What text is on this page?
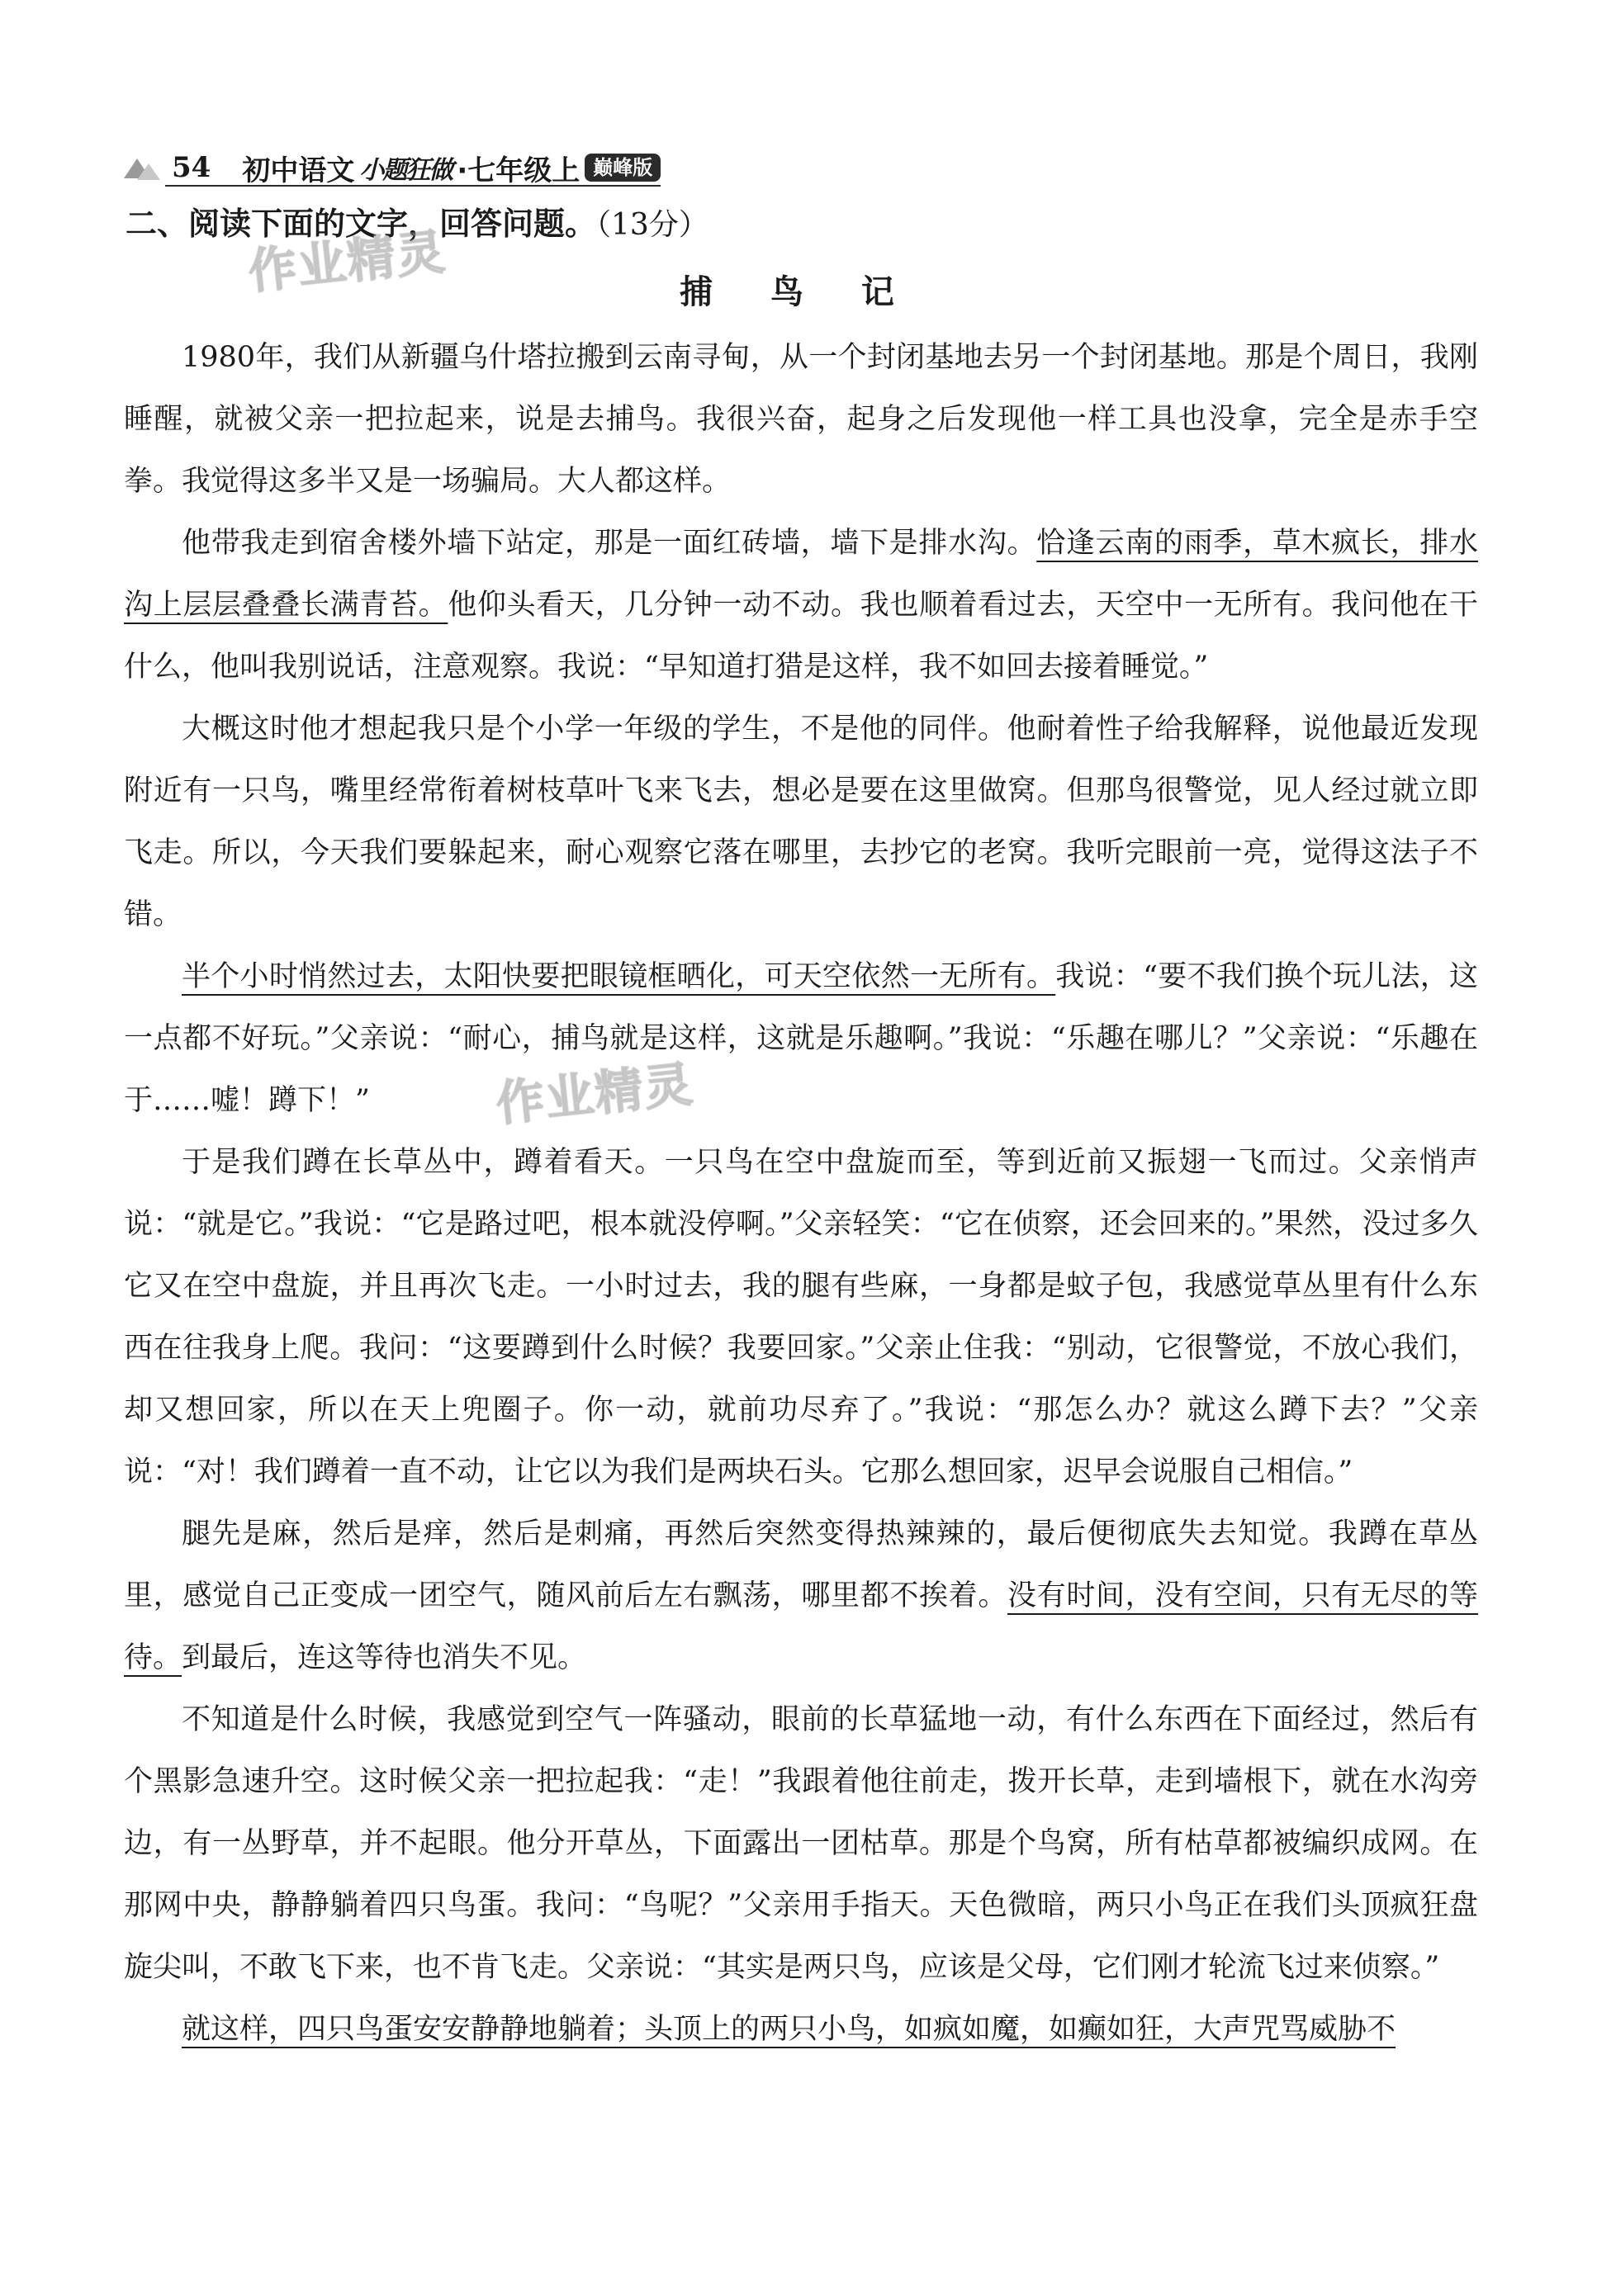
54 初中语文 小题狂做 ·七年级上 巅峰版
二、阅读下面的文字，回答问题。（13分）
作业精灵
作业精灵
捕 鸟 记

1980年，我们从新疆乌什塔拉搬到云南寻甸，从一个封闭基地去另一个封闭基地。那是个周日，我刚睡醒，就被父亲一把拉起来，说是去捕鸟。我很兴奋，起身之后发现他一样工具也没拿，完全是赤手空拳。我觉得这多半又是一场骗局。大人都这样。

他带我走到宿舍楼外墙下站定，那是一面红砖墙，墙下是排水沟。恰逢云南的雨季，草木疯长，排水沟上层层叠叠长满青苔。他仰头看天，几分钟一动不动。我也顺着看过去，天空中一无所有。我问他在干什么，他叫我别说话，注意观察。我说：“早知道打猎是这样，我不如回去接着睡觉。”

大概这时他才想起我只是个小学一年级的学生，不是他的同伴。他耐着性子给我解释，说他最近发现附近有一只鸟，嘴里经常衔着树枝草叶飞来飞去，想必是要在这里做窝。但那鸟很警觉，见人经过就立即飞走。所以，今天我们要躲起来，耐心观察它落在哪里，去抄它的老窝。我听完眼前一亮，觉得这法子不错。

半个小时悄然过去，太阳快要把眼镜框晒化，可天空依然一无所有。我说：“要不我们换个玩儿法，这一点都不好玩。”父亲说：“耐心，捕鸟就是这样，这就是乐趣啊。”我说：“乐趣在哪儿？”父亲说：“乐趣在于……嘘！蹲下！”

于是我们蹲在长草丛中，蹲着看天。一只鸟在空中盘旋而至，等到近前又振翅一飞而过。父亲悄声说：“就是它。”我说：“它是路过吧，根本就没停啊。”父亲轻笑：“它在侦察，还会回来的。”果然，没过多久它又在空中盘旋，并且再次飞走。一小时过去，我的腿有些麻，一身都是蚊子包，我感觉草丛里有什么东西在往我身上爬。我问：“这要蹲到什么时候？我要回家。”父亲止住我：“别动，它很警觉，不放心我们，却又想回家，所以在天上兜圈子。你一动，就前功尽弃了。”我说：“那怎么办？就这么蹲下去？”父亲说：“对！我们蹲着一直不动，让它以为我们是两块石头。它那么想回家，迟早会说服自己相信。”

腿先是麻，然后是痒，然后是刺痛，再然后突然变得热辣辣的，最后便彻底失去知觉。我蹲在草丛里，感觉自己正变成一团空气，随风前后左右飘荡，哪里都不挨着。没有时间，没有空间，只有无尽的等待。到最后，连这等待也消失不见。

不知道是什么时候，我感觉到空气一阵骚动，眼前的长草猛地一动，有什么东西在下面经过，然后有个黑影急速升空。这时候父亲一把拉起我：“走！”我跟着他往前走，拨开长草，走到墙根下，就在水沟旁边，有一丛野草，并不起眼。他分开草丛，下面露出一团枯草。那是个鸟窝，所有枯草都被编织成网。在那网中央，静静躺着四只鸟蛋。我问：“鸟呢？”父亲用手指天。天色微暗，两只小鸟正在我们头顶疯狂盘旋尖叫，不敢飞下来，也不肯飞走。父亲说：“其实是两只鸟，应该是父母，它们刚才轮流飞过来侦察。”

就这样，四只鸟蛋安安静静地躺着；头顶上的两只小鸟，如疯如魔，如癫如狂，大声咒骂威胁不
